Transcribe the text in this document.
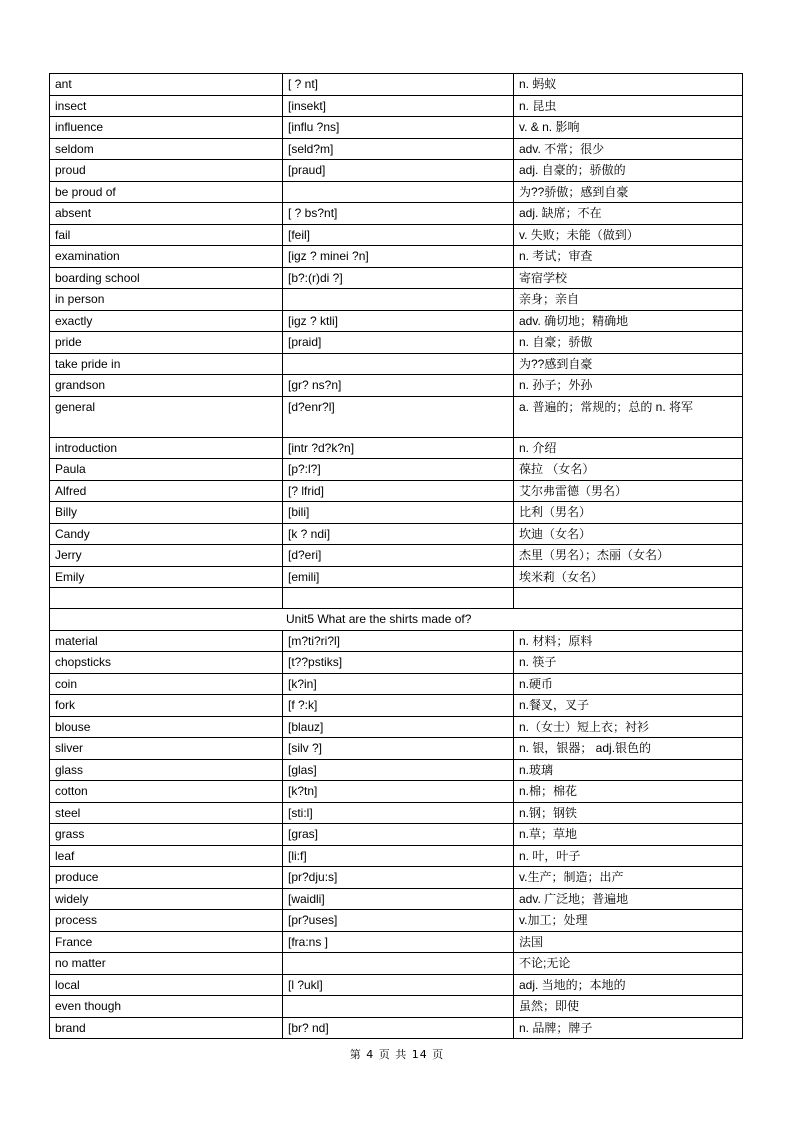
ant	[ ? nt]	n. 蚂蚁
insect	[insekt]	n. 昆虫
influence	[influ ?ns]	v. & n. 影响
seldom	[seld?m]	adv. 不常；很少
proud	[praud]	adj. 自豪的；骄傲的
be proud of		为??骄傲；感到自豪
absent	[ ? bs?nt]	adj. 缺席；不在
fail	[feil]	v. 失败；未能（做到）
examination	[igz ? minei ?n]	n. 考试；审查
boarding school	[b?:(r)di ?]	寄宿学校
in person		亲身；亲自
exactly	[igz ? ktli]	adv. 确切地；精确地
pride	[praid]	n. 自豪；骄傲
take pride in		为??感到自豪
grandson	[gr? ns?n]	n. 孙子；外孙
general	[d?enr?l]	a. 普遍的；常规的；总的 n. 将军
introduction	[intr ?d?k?n]	n. 介绍
Paula	[p?:l?]	葆拉 （女名）
Alfred	[? lfrid]	艾尔弗雷德（男名）
Billy	[bili]	比利（男名）
Candy	[k ? ndi]	坎迪（女名）
Jerry	[d?eri]	杰里（男名）；杰丽（女名）
Emily	[emili]	埃米莉（女名）

Unit5 What are the shirts made of?		
material	[m?ti?ri?l]	n. 材料；原料
chopsticks	[t??pstiks]	n. 筷子
coin	[k?in]	n.硬币
fork	[f ?:k]	n.餐叉，叉子
blouse	[blauz]	n.（女士）短上衣；衬衫
sliver	[silv ?]	n. 银，银器； adj.银色的
glass	[glas]	n.玻璃
cotton	[k?tn]	n.棉；棉花
steel	[sti:l]	n.钢；钢铁
grass	[gras]	n.草；草地
leaf	[li:f]	n. 叶，叶子
produce	[pr?dju:s]	v.生产；制造；出产
widely	[waidli]	adv. 广泛地；普遍地
process	[pr?uses]	v.加工；处理
France	[fra:ns ]	法国
no matter		不论;无论
local	[l ?ukl]	adj. 当地的；本地的
even though		虽然；即使
brand	[br? nd]	n. 品牌；牌子
第 4 页 共 14 页
